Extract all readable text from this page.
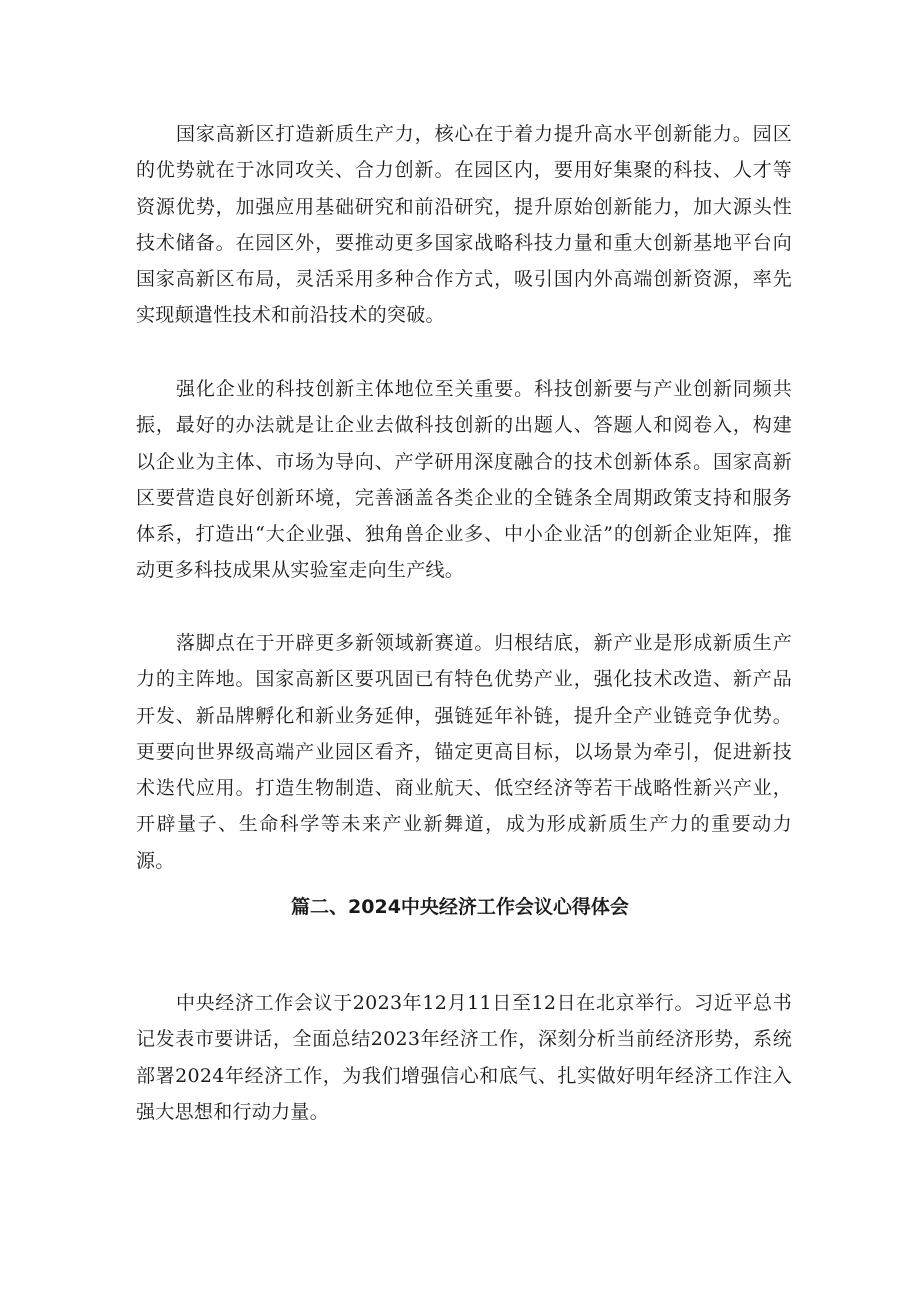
国家高新区打造新质生产力，核心在于着力提升高水平创新能力。园区的优势就在于冰同攻关、合力创新。在园区内，要用好集聚的科技、人才等资源优势，加强应用基础研究和前沿研究，提升原始创新能力，加大源头性技术储备。在园区外，要推动更多国家战略科技力量和重大创新基地平台向国家高新区布局，灵活采用多种合作方式，吸引国内外高端创新资源，率先实现颠遣性技术和前沿技术的突破。

强化企业的科技创新主体地位至关重要。科技创新要与产业创新同频共振，最好的办法就是让企业去做科技创新的出题人、答题人和阅卷入，构建以企业为主体、市场为导向、产学研用深度融合的技术创新体系。国家高新区要营造良好创新环境，完善涵盖各类企业的全链条全周期政策支持和服务体系，打造出“大企业强、独角兽企业多、中小企业活”的创新企业矩阵，推动更多科技成果从实验室走向生产线。

落脚点在于开辟更多新领域新赛道。归根结底，新产业是形成新质生产力的主阵地。国家高新区要巩固已有特色优势产业，强化技术改造、新产品开发、新品牌孵化和新业务延伸，强链延年补链，提升全产业链竞争优势。更要向世界级高端产业园区看齐，锚定更高目标，以场景为牵引，促进新技术迭代应用。打造生物制造、商业航天、低空经济等若干战略性新兴产业，开辟量子、生命科学等未来产业新舞道，成为形成新质生产力的重要动力源。

篇二、2024中央经济工作会议心得体会

中央经济工作会议于2023年12月11日至12日在北京举行。习近平总书记发表市要讲话，全面总结2023年经济工作，深刻分析当前经济形势，系统部署2024年经济工作，为我们增强信心和底气、扎实做好明年经济工作注入强大思想和行动力量。
